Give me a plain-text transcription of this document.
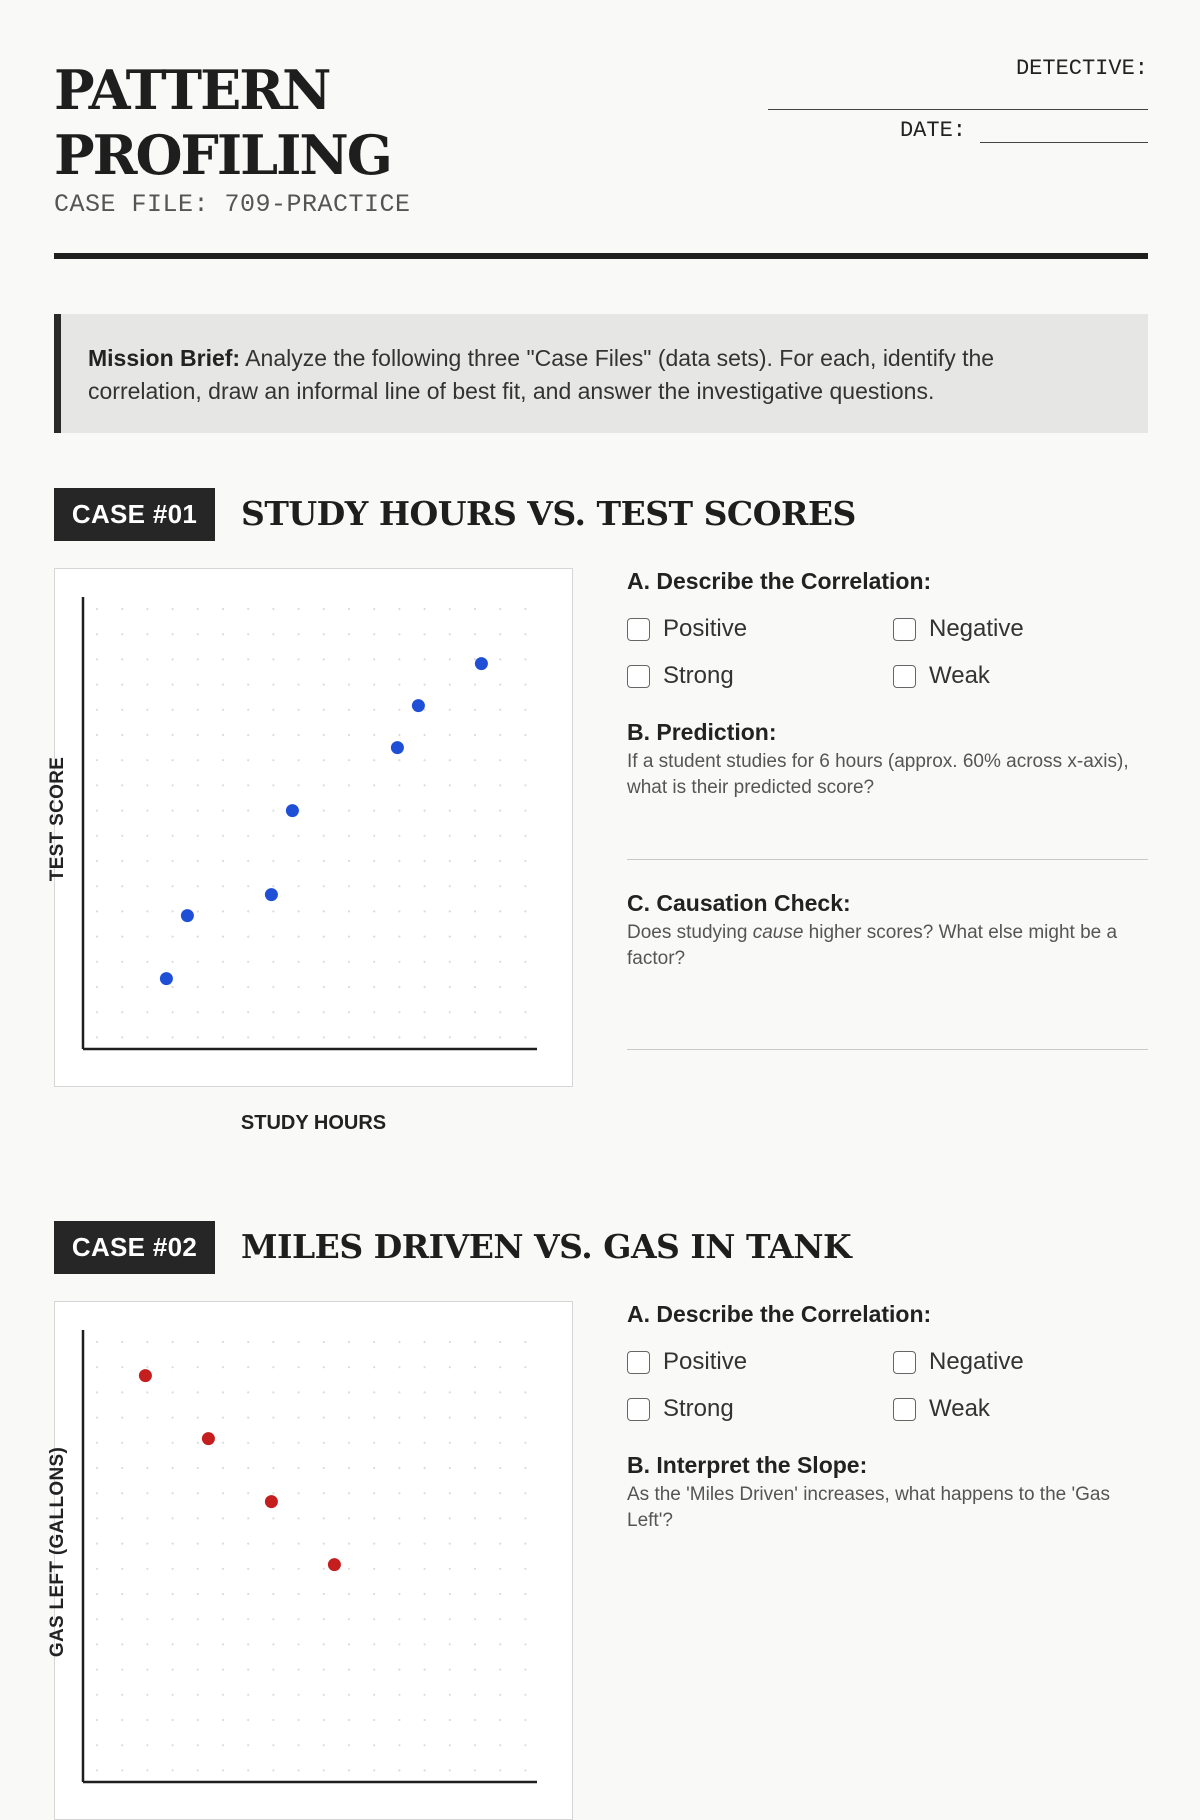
PATTERN
PROFILING
CASE FILE: 709-PRACTICE
DETECTIVE:
DATE:
Mission Brief: Analyze the following three "Case Files" (data sets). For each, identify the correlation, draw an informal line of best fit, and answer the investigative questions.
CASE #01	STUDY HOURS VS. TEST SCORES
TEST SCORE
STUDY HOURS

A. Describe the Correlation:

Positive	Negative
Strong	Weak

B. Prediction:

If a student studies for 6 hours (approx. 60% across x-axis), what is their predicted score?

C. Causation Check:

Does studying cause higher scores? What else might be a factor?
CASE #02	MILES DRIVEN VS. GAS IN TANK
GAS LEFT (GALLONS)

A. Describe the Correlation:

Positive	Negative
Strong	Weak

B. Interpret the Slope:

As the 'Miles Driven' increases, what happens to the 'Gas Left'?
